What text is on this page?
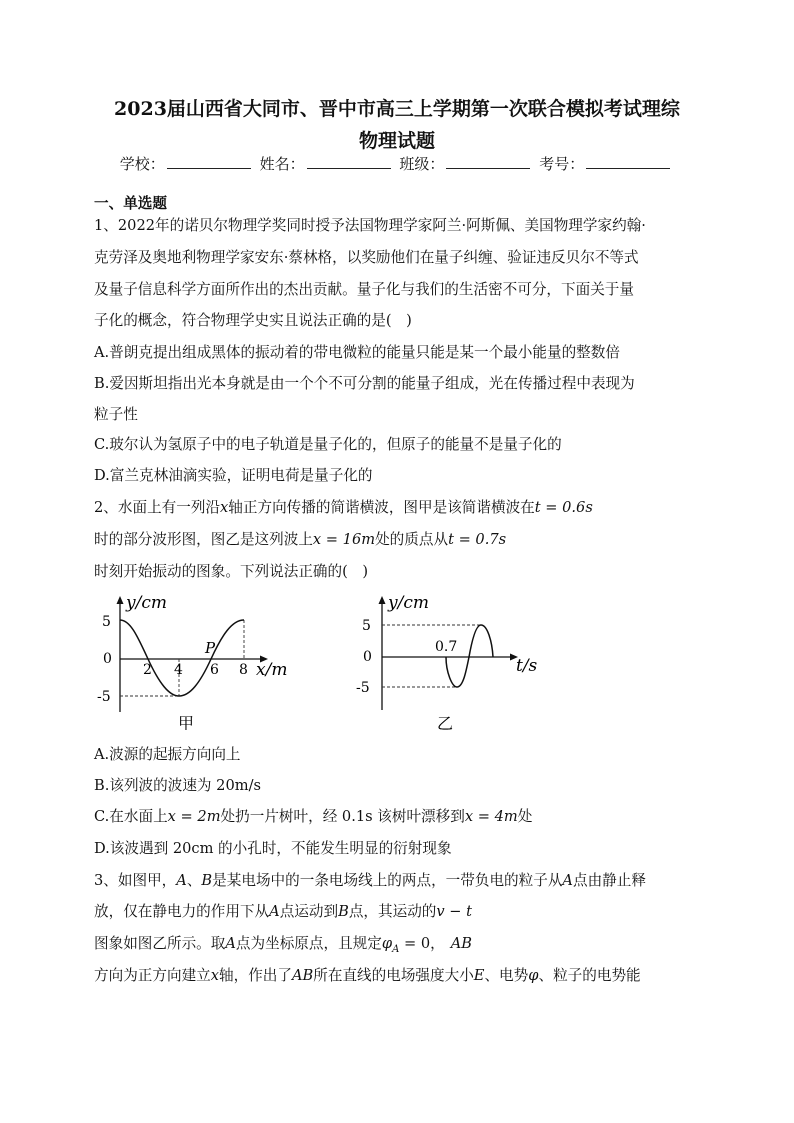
2023届山西省大同市、晋中市高三上学期第一次联合模拟考试理综
物理试题
学校：	姓名：	班级：	考号：
一、单选题
1、2022年的诺贝尔物理学奖同时授予法国物理学家阿兰·阿斯佩、美国物理学家约翰·
克劳泽及奥地利物理学家安东·蔡林格，以奖励他们在量子纠缠、验证违反贝尔不等式
及量子信息科学方面所作出的杰出贡献。量子化与我们的生活密不可分，下面关于量
子化的概念，符合物理学史实且说法正确的是(　)
A.普朗克提出组成黑体的振动着的带电微粒的能量只能是某一个最小能量的整数倍
B.爱因斯坦指出光本身就是由一个个不可分割的能量子组成，光在传播过程中表现为
粒子性
C.玻尔认为氢原子中的电子轨道是量子化的，但原子的能量不是量子化的
D.富兰克林油滴实验，证明电荷是量子化的
2、水面上有一列沿x轴正方向传播的简谐横波，图甲是该简谐横波在t = 0.6s
时的部分波形图，图乙是这列波上x = 16m处的质点从t = 0.7s
时刻开始振动的图象。下列说法正确的(　)
y/cm
5
0
-5
2 4 6 8
P
x/m
甲
y/cm
5
0
-5
0.7
t/s
乙
A.波源的起振方向向上
B.该列波的波速为 20m/s
C.在水面上x = 2m处扔一片树叶，经 0.1s 该树叶漂移到x = 4m处
D.该波遇到 20cm 的小孔时，不能发生明显的衍射现象
3、如图甲，A、B是某电场中的一条电场线上的两点，一带负电的粒子从A点由静止释
放，仅在静电力的作用下从A点运动到B点，其运动的v − t
图象如图乙所示。取A点为坐标原点，且规定$\varphi_A = 0$， AB
方向为正方向建立x轴，作出了AB所在直线的电场强度大小E、电势φ、粒子的电势能
